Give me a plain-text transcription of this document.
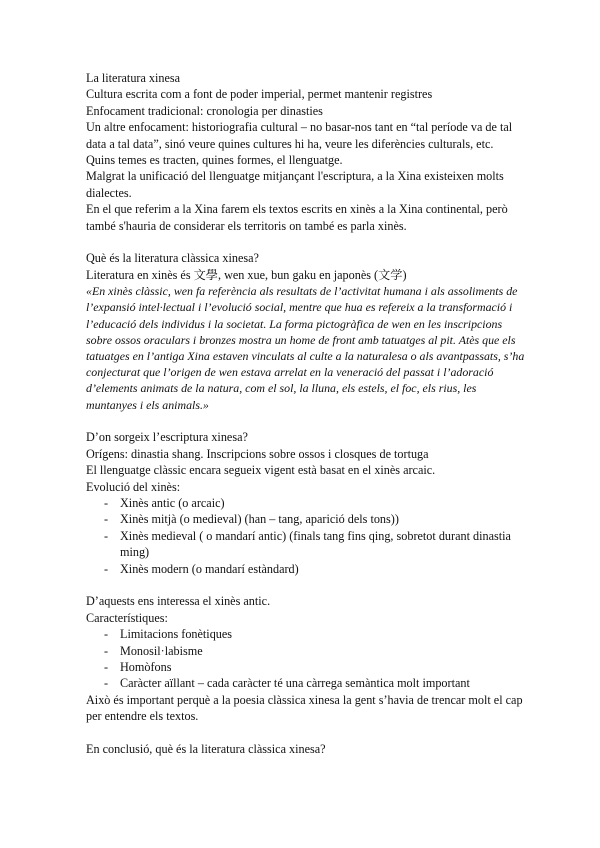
La literatura xinesa
Cultura escrita com a font de poder imperial, permet mantenir registres
Enfocament tradicional: cronologia per dinasties
Un altre enfocament: historiografia cultural – no basar-nos tant en “tal període va de tal data a tal data”, sinó veure quines cultures hi ha, veure les diferències culturals, etc.
Quins temes es tracten, quines formes, el llenguatge.
Malgrat la unificació del llenguatge mitjançant l'escriptura, a la Xina existeixen molts dialectes.
En el que referim a la Xina farem els textos escrits en xinès a la Xina continental, però també s'hauria de considerar els territoris on també es parla xinès.
Què és la literatura clàssica xinesa?
Literatura en xinès és 文學, wen xue, bun gaku en japonès (文学)
«En xinès clàssic, wen fa referència als resultats de l’activitat humana i als assoliments de l’expansió intel·lectual i l’evolució social, mentre que hua es refereix a la transformació i l’educació dels individus i la societat. La forma pictogràfica de wen en les inscripcions sobre ossos oraculars i bronzes mostra un home de front amb tatuatges al pit. Atès que els tatuatges en l’antiga Xina estaven vinculats al culte a la naturalesa o als avantpassats, s’ha conjecturat que l’origen de wen estava arrelat en la veneració del passat i l’adoració d’elements animats de la natura, com el sol, la lluna, els estels, el foc, els rius, les muntanyes i els animals.»
D’on sorgeix l’escriptura xinesa?
Orígens: dinastia shang. Inscripcions sobre ossos i closques de tortuga
El llenguatge clàssic encara segueix vigent està basat en el xinès arcaic.
Evolució del xinès:
- Xinès antic (o arcaic)
- Xinès mitjà (o medieval) (han – tang, aparició dels tons))
- Xinès medieval ( o mandarí antic) (finals tang fins qing, sobretot durant dinastia ming)
- Xinès modern (o mandarí estàndard)
D’aquests ens interessa el xinès antic.
Característiques:
- Limitacions fonètiques
- Monosil·labisme
- Homòfons
- Caràcter aïllant – cada caràcter té una càrrega semàntica molt important
Això és important perquè a la poesia clàssica xinesa la gent s’havia de trencar molt el cap per entendre els textos.
En conclusió, què és la literatura clàssica xinesa?
